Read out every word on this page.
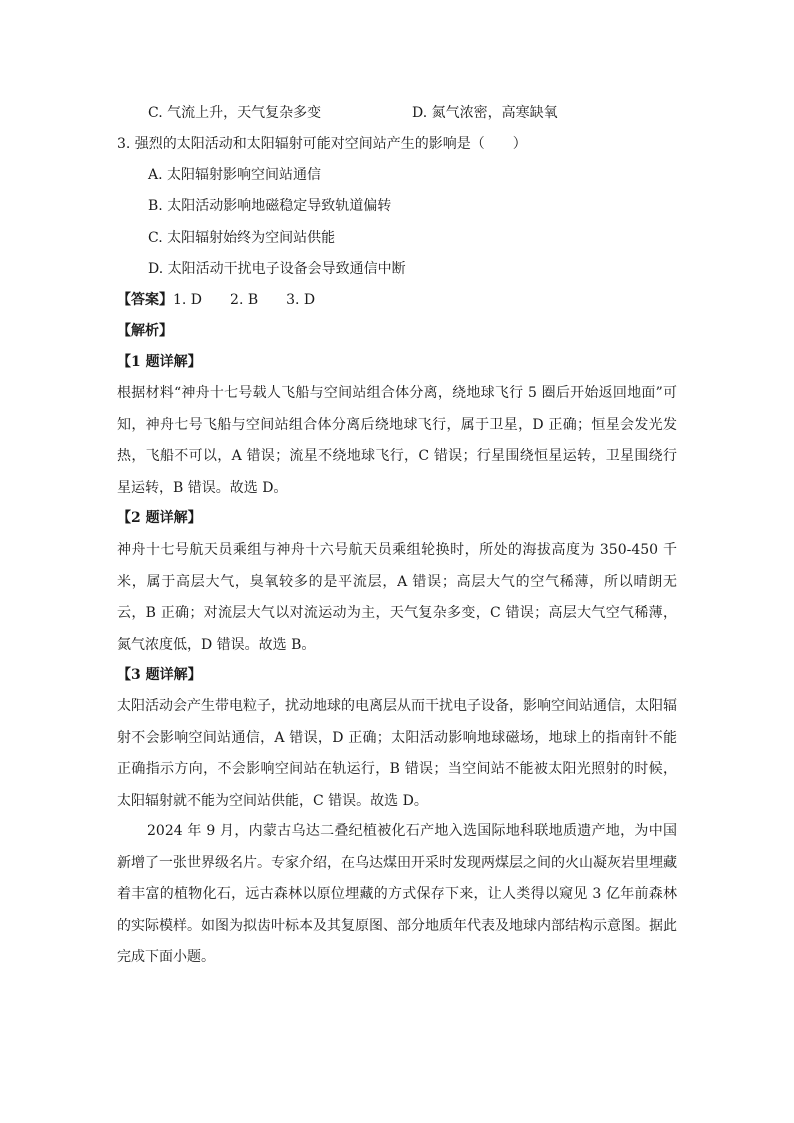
C. 气流上升，天气复杂多变	D. 氮气浓密，高寒缺氧
3. 强烈的太阳活动和太阳辐射可能对空间站产生的影响是（　　）
A. 太阳辐射影响空间站通信
B. 太阳活动影响地磁稳定导致轨道偏转
C. 太阳辐射始终为空间站供能
D. 太阳活动干扰电子设备会导致通信中断
【答案】1. D　　2. B　　3. D
【解析】
【1 题详解】

根据材料“神舟十七号载人飞船与空间站组合体分离，绕地球飞行 5 圈后开始返回地面”可知，神舟七号飞船与空间站组合体分离后绕地球飞行，属于卫星，D 正确；恒星会发光发热，飞船不可以，A 错误；流星不绕地球飞行，C 错误；行星围绕恒星运转，卫星围绕行星运转，B 错误。故选 D。

【2 题详解】

神舟十七号航天员乘组与神舟十六号航天员乘组轮换时，所处的海拔高度为 350-450 千米，属于高层大气，臭氧较多的是平流层，A 错误；高层大气的空气稀薄，所以晴朗无云，B 正确；对流层大气以对流运动为主，天气复杂多变，C 错误；高层大气空气稀薄，氮气浓度低，D 错误。故选 B。

【3 题详解】

太阳活动会产生带电粒子，扰动地球的电离层从而干扰电子设备，影响空间站通信，太阳辐射不会影响空间站通信，A 错误，D 正确；太阳活动影响地球磁场，地球上的指南针不能正确指示方向，不会影响空间站在轨运行，B 错误；当空间站不能被太阳光照射的时候，太阳辐射就不能为空间站供能，C 错误。故选 D。

2024 年 9 月，内蒙古乌达二叠纪植被化石产地入选国际地科联地质遗产地，为中国新增了一张世界级名片。专家介绍，在乌达煤田开采时发现两煤层之间的火山凝灰岩里埋藏着丰富的植物化石，远古森林以原位埋藏的方式保存下来，让人类得以窥见 3 亿年前森林的实际模样。如图为拟齿叶标本及其复原图、部分地质年代表及地球内部结构示意图。据此完成下面小题。
